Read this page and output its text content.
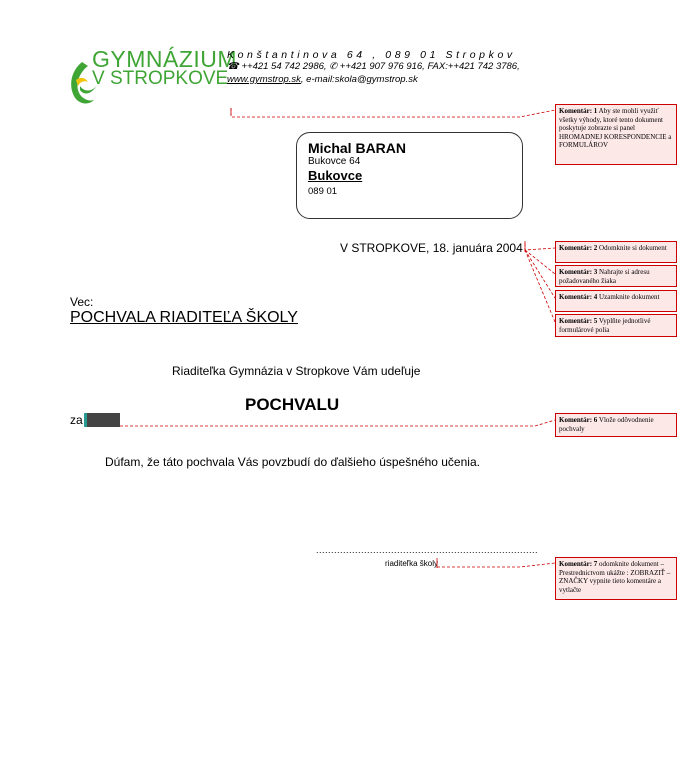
GYMNÁZIUM
V STROPKOVE
Konštantinova 64 , 089 01 Stropkov
☎ ++421 54 742 2986, ✆ ++421 907 976 916, FAX:++421 742 3786,
www.gymstrop.sk, e-mail:skola@gymstrop.sk
Michal BARAN
Bukovce 64
Bukovce
089 01
V STROPKOVE, 18. januára 2004
Vec:
POCHVALA RIADITEĽA ŠKOLY
Riaditeľka Gymnázia v Stropkove Vám udeľuje
POCHVALU
za
Dúfam, že táto pochvala Vás povzbudí do ďalšieho úspešného učenia.
..........................................................................
riaditeľka školy
Komentár: 1 Aby ste mohli využiť všetky výhody, ktoré tento dokument poskytuje zobrazte si panel HROMADNEJ KORESPONDENCIE a FORMULÁROV
Komentár: 2 Odomknite si dokument
Komentár: 3 Nahrajte si adresu požadovaného žiaka
Komentár: 4 Uzamknite dokument
Komentár: 5 Vyplňte jednotlivé formulárové polia
Komentár: 6 Vlože odôvodnenie pochvaly
Komentár: 7 odomknite dokument – Prestrednictvom ukážte : ZOBRAZIŤ – ZNAČKY vypnite tieto komentáre a vytlačte
